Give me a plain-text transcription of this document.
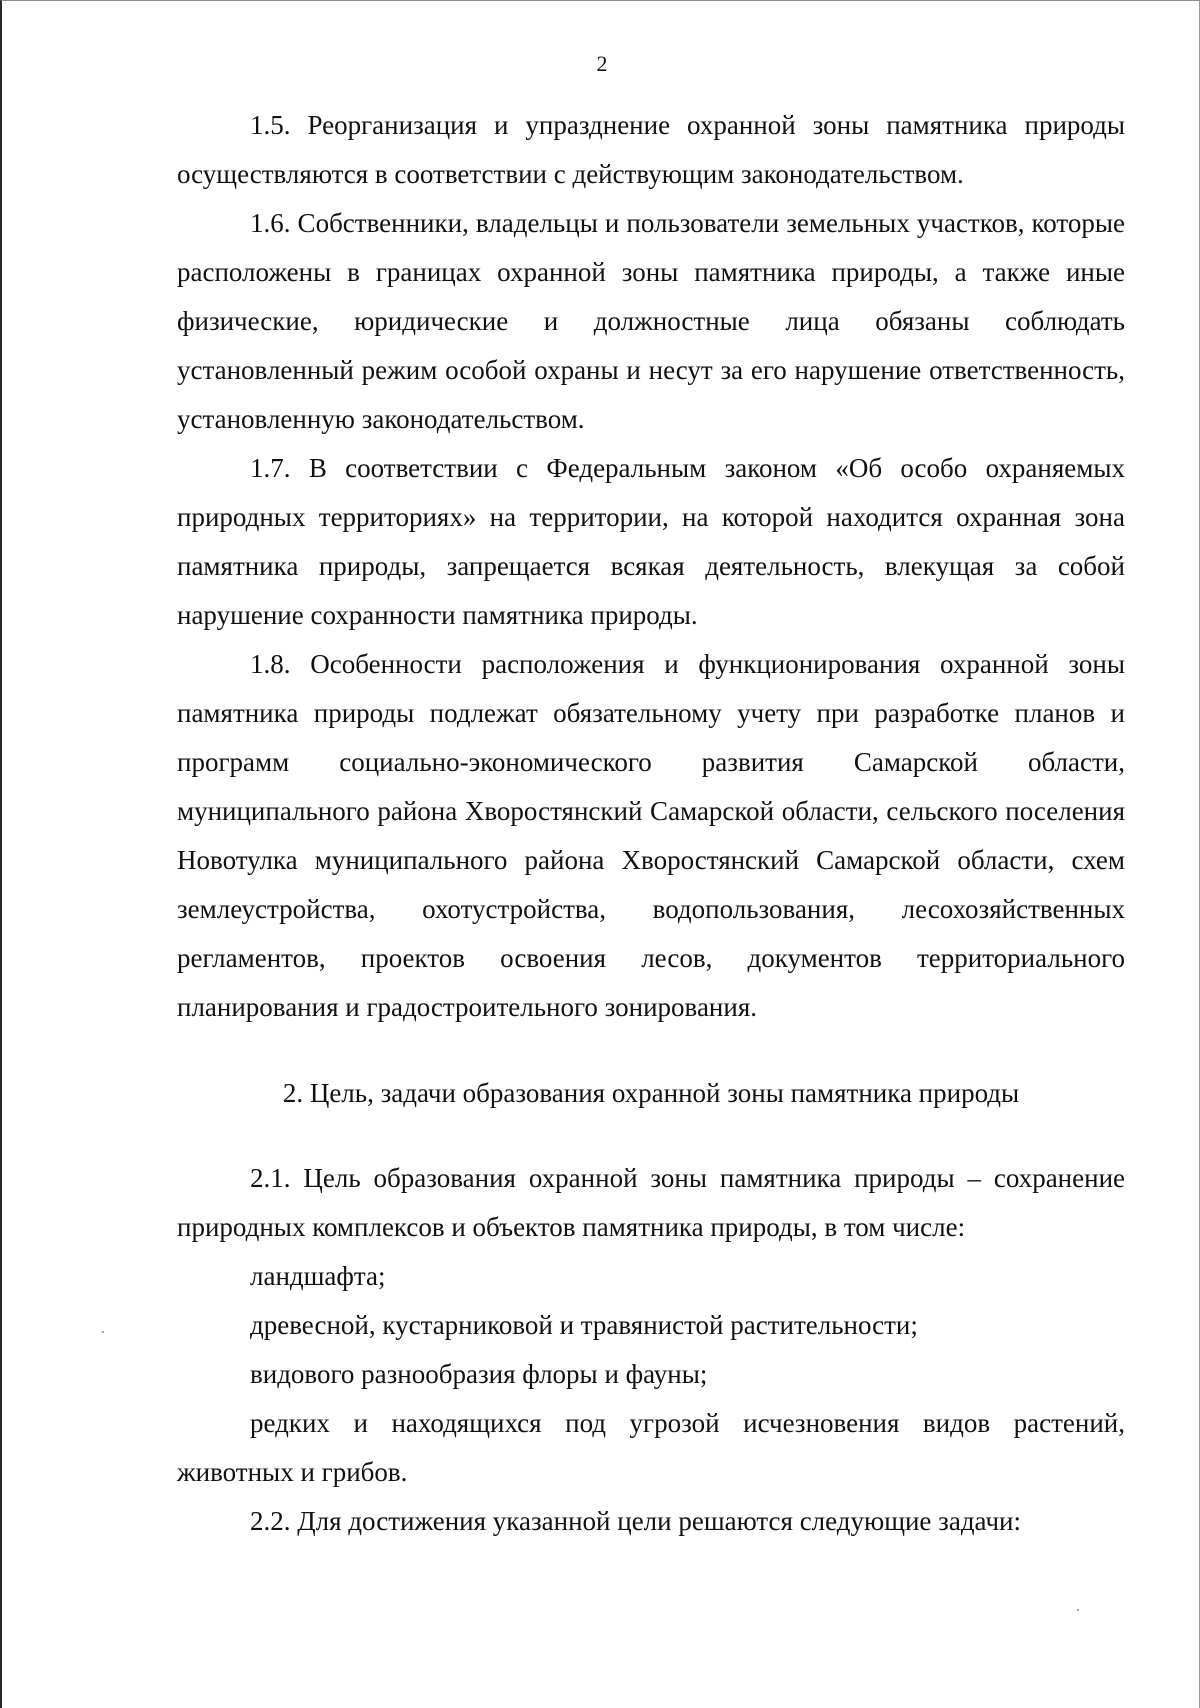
2

1.5. Реорганизация и упразднение охранной зоны памятника природы осуществляются в соответствии с действующим законодательством.

1.6. Собственники, владельцы и пользователи земельных участков, которые расположены в границах охранной зоны памятника природы, а также иные физические, юридические и должностные лица обязаны соблюдать установленный режим особой охраны и несут за его нарушение ответственность, установленную законодательством.

1.7. В соответствии с Федеральным законом «Об особо охраняемых природных территориях» на территории, на которой находится охранная зона памятника природы, запрещается всякая деятельность, влекущая за собой нарушение сохранности памятника природы.

1.8. Особенности расположения и функционирования охранной зоны памятника природы подлежат обязательному учету при разработке планов и программ социально-экономического развития Самарской области, муниципального района Хворостянский Самарской области, сельского поселения Новотулка муниципального района Хворостянский Самарской области, схем землеустройства, охотустройства, водопользования, лесохозяйственных регламентов, проектов освоения лесов, документов территориального планирования и градостроительного зонирования.

2. Цель, задачи образования охранной зоны памятника природы

2.1. Цель образования охранной зоны памятника природы – сохранение природных комплексов и объектов памятника природы, в том числе:

ландшафта;

древесной, кустарниковой и травянистой растительности;

видового разнообразия флоры и фауны;

редких и находящихся под угрозой исчезновения видов растений, животных и грибов.

2.2. Для достижения указанной цели решаются следующие задачи:
